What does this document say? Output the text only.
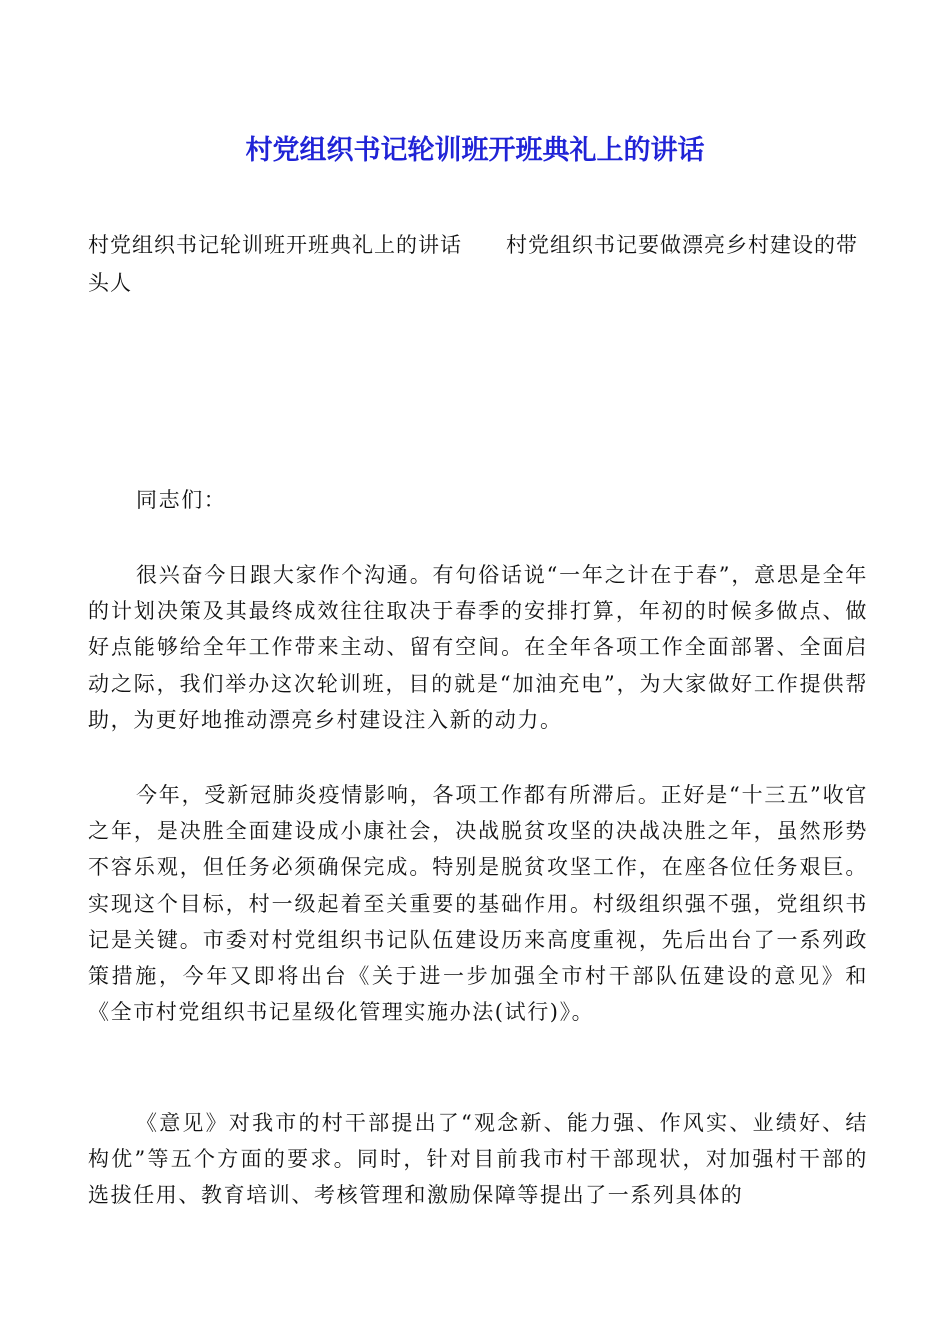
村党组织书记轮训班开班典礼上的讲话
村党组织书记轮训班开班典礼上的讲话 村党组织书记要做漂亮乡村建设的带头人

同志们：

很兴奋今日跟大家作个沟通。有句俗话说“一年之计在于春”，意思是全年的计划决策及其最终成效往往取决于春季的安排打算，年初的时候多做点、做好点能够给全年工作带来主动、留有空间。在全年各项工作全面部署、全面启动之际，我们举办这次轮训班，目的就是“加油充电”，为大家做好工作提供帮助，为更好地推动漂亮乡村建设注入新的动力。

今年，受新冠肺炎疫情影响，各项工作都有所滞后。正好是“十三五”收官之年，是决胜全面建设成小康社会，决战脱贫攻坚的决战决胜之年，虽然形势不容乐观，但任务必须确保完成。特别是脱贫攻坚工作，在座各位任务艰巨。实现这个目标，村一级起着至关重要的基础作用。村级组织强不强，党组织书记是关键。市委对村党组织书记队伍建设历来高度重视，先后出台了一系列政策措施，今年又即将出台《关于进一步加强全市村干部队伍建设的意见》和《全市村党组织书记星级化管理实施办法(试行)》。

《意见》对我市的村干部提出了“观念新、能力强、作风实、业绩好、结构优”等五个方面的要求。同时，针对目前我市村干部现状，对加强村干部的选拔任用、教育培训、考核管理和激励保障等提出了一系列具体的
